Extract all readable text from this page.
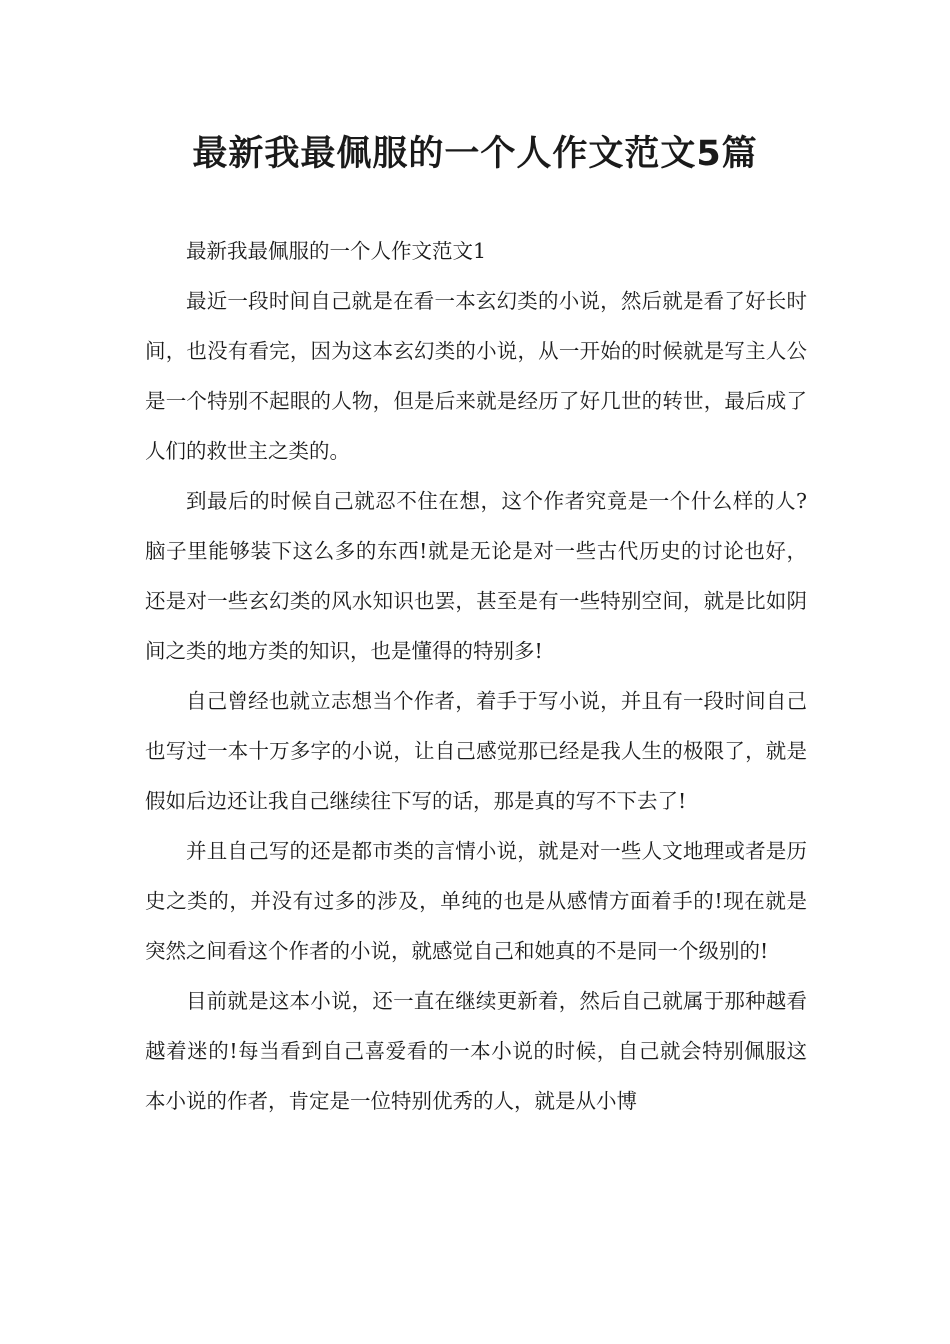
最新我最佩服的一个人作文范文5篇

最新我最佩服的一个人作文范文1

最近一段时间自己就是在看一本玄幻类的小说，然后就是看了好长时间，也没有看完，因为这本玄幻类的小说，从一开始的时候就是写主人公是一个特别不起眼的人物，但是后来就是经历了好几世的转世，最后成了人们的救世主之类的。

到最后的时候自己就忍不住在想，这个作者究竟是一个什么样的人?脑子里能够装下这么多的东西!就是无论是对一些古代历史的讨论也好，还是对一些玄幻类的风水知识也罢，甚至是有一些特别空间，就是比如阴间之类的地方类的知识，也是懂得的特别多!

自己曾经也就立志想当个作者，着手于写小说，并且有一段时间自己也写过一本十万多字的小说，让自己感觉那已经是我人生的极限了，就是假如后边还让我自己继续往下写的话，那是真的写不下去了!

并且自己写的还是都市类的言情小说，就是对一些人文地理或者是历史之类的，并没有过多的涉及，单纯的也是从感情方面着手的!现在就是突然之间看这个作者的小说，就感觉自己和她真的不是同一个级别的!

目前就是这本小说，还一直在继续更新着，然后自己就属于那种越看越着迷的!每当看到自己喜爱看的一本小说的时候，自己就会特别佩服这本小说的作者，肯定是一位特别优秀的人，就是从小博
